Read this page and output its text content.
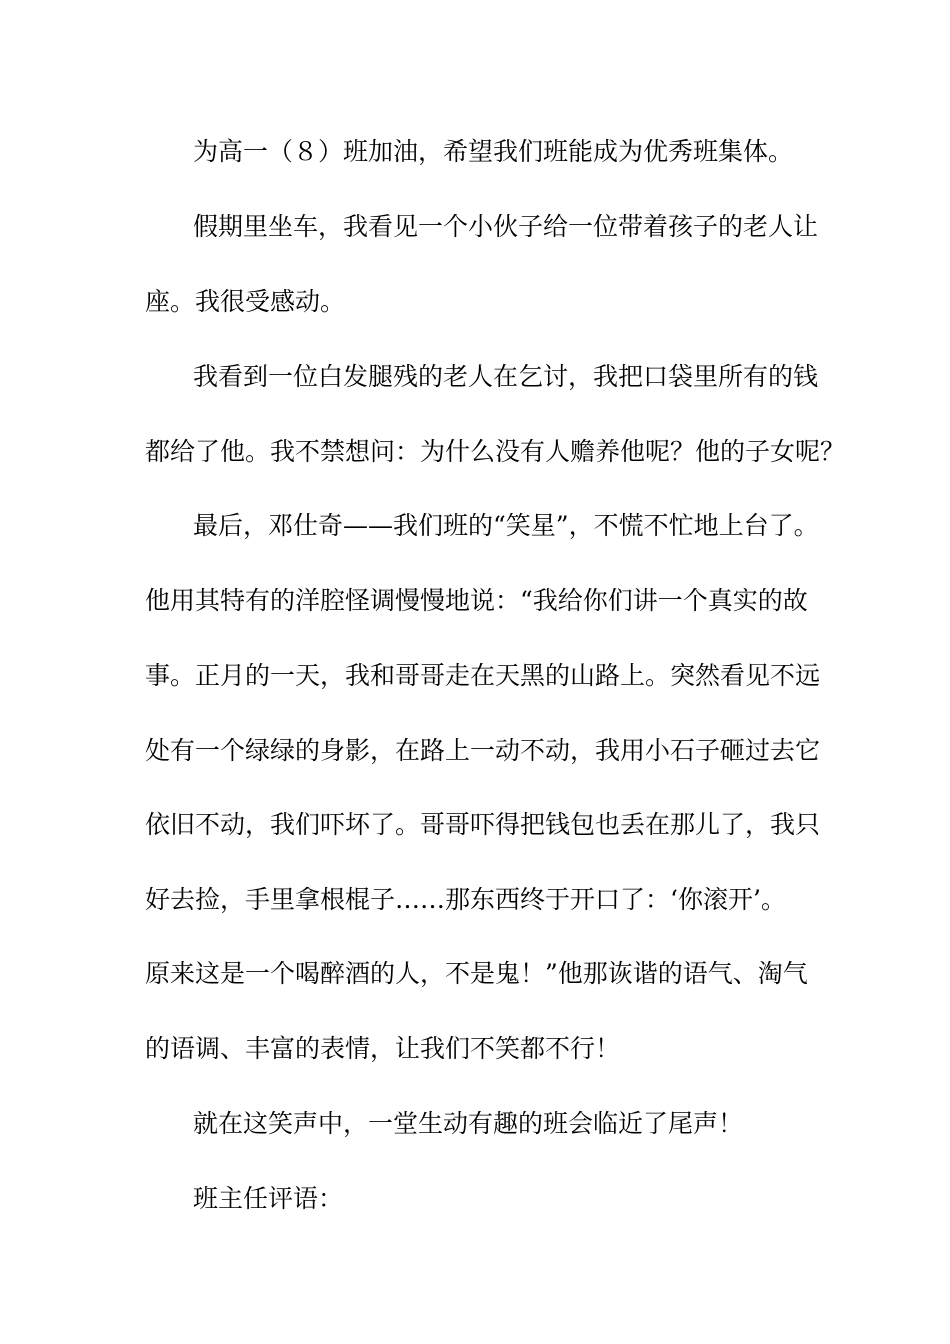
为高一（８）班加油，希望我们班能成为优秀班集体。
假期里坐车，我看见一个小伙子给一位带着孩子的老人让
座。我很受感动。
我看到一位白发腿残的老人在乞讨，我把口袋里所有的钱
都给了他。我不禁想问：为什么没有人赡养他呢？他的子女呢？
最后，邓仕奇——我们班的“笑星”，不慌不忙地上台了。
他用其特有的洋腔怪调慢慢地说：“我给你们讲一个真实的故
事。正月的一天，我和哥哥走在天黑的山路上。突然看见不远
处有一个绿绿的身影，在路上一动不动，我用小石子砸过去它
依旧不动，我们吓坏了。哥哥吓得把钱包也丢在那儿了，我只
好去捡，手里拿根棍子……那东西终于开口了：‘你滚开’。
原来这是一个喝醉酒的人，不是鬼！”他那诙谐的语气、淘气
的语调、丰富的表情，让我们不笑都不行！
就在这笑声中，一堂生动有趣的班会临近了尾声！
班主任评语：
